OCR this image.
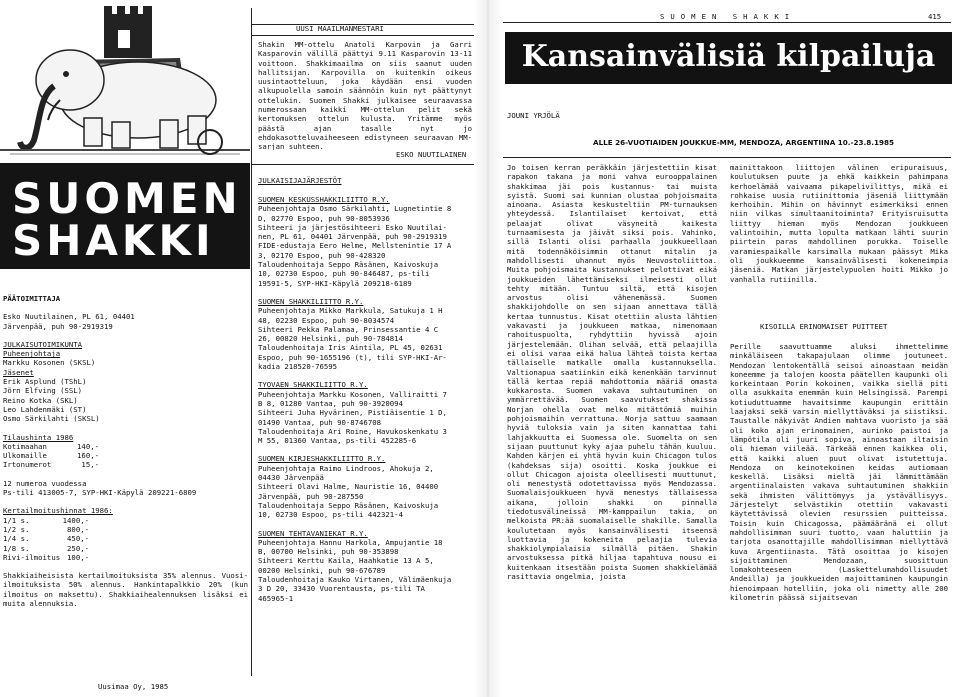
SUOMEN
SHAKKI

PÄÄTOIMITTAJA

Esko Nuutilainen, PL 61, 04401 Järvenpää, puh 90-2919319

JULKAISUTOIMIKUNTA

Puheenjohtaja

Markku Kosonen (SKSL)

Jäsenet

Erik Asplund (TShL)

Jörn Elfving (SSL)

Reino Kotka (SKL)

Leo Lahdenmäki (ST)

Osmo Särkilahti (SKSL)

Tilaushinta 1986

Kotimaahan	140,-
Ulkomaille	160,-
Irtonumerot	15,-

12 numeroa vuodessa

Ps-tili 413005-7, SYP-HKI-Käpylä 209221-6809

Kertailmoitushinnat 1986:

1/1 s.	1400,-
1/2 s.	800,-
1/4 s.	450,-
1/8 s.	250,-
Rivi-ilmoitus 100,-

Shakkiaiheisista kertailmoituksista 35% alennus. Vuosi-ilmoituksista 50% alennus. Hankintapalkkio 20% (kun ilmoitus on maksettu). Shakkiaihealennuksen lisäksi ei muita alennuksia.

Uusimaa Oy, 1985
UUSI MAAILMANMESTARI
Shakin MM-ottelu Anatoli Karpovin ja Garri Kasparovin välillä päättyi 9.11 Kasparovin 13-11 voittoon. Shakkimaailma on siis saanut uuden hallitsijan. Karpovilla on kuitenkin oikeus uusintaotteluun, joka käydään ensi vuoden alkupuolella samoin säännöin kuin nyt päättynyt ottelukin. Suomen Shakki julkaisee seuraavassa numerossaan kaikki MM-ottelun pelit sekä kertomuksen ottelun kulusta. Yritämme myös päästä ajan tasalle nyt jo ehdokasotteluvaiheeseen edistyneen seuraavan MM-sarjan suhteen.
ESKO NUUTILAINEN
JULKAISIJAJÄRJESTÖT

SUOMEN KESKUSSHAKKILIITTO R.Y.

Puheenjohtaja Osmo Särkilahti, Lugnetintie 8

D, 02770 Espoo, puh 90-8053936

Sihteeri ja järjestösihteeri Esko Nuutilai-

nen, PL 61, 04401 Järvenpää, puh 90-2919319

FIDE-edustaja Eero Helme, Mellstenintie 17 A

3, 02170 Espoo, puh 90-428320

Taloudenhoitaja Seppo Räsänen, Kaivoskuja

10, 02730 Espoo, puh 90-846487, ps-tili

19591-5, SYP-HKI-Käpylä 209218-6189

SUOMEN SHAKKILIITTO R.Y.

Puheenjohtaja Mikko Markkula, Satukuja 1 H

48, 02230 Espoo, puh 90-8034574

Sihteeri Pekka Palamaa, Prinsessantie 4 C

26, 00820 Helsinki, puh 90-784814

Taloudenhoitaja Iris Aintila, PL 45, 02631

Espoo, puh 90-1655196 (t), tili SYP-HKI-Ar-

kadia 218520-76595

TYOVAEN SHAKKILIITTO R.Y.

Puheenjohtaja Markku Kosonen, Valliraitti 7

B 8, 01280 Vantaa, puh 90-3920094

Sihteeri Juha Hyvärinen, Pistiäisentie 1 D,

01490 Vantaa, puh 90-8746708

Taloudenhoitaja Ari Roine, Havukoskenkatu 3

M 55, 01360 Vantaa, ps-tili 452285-6

SUOMEN KIRJESHAKKILIITTO R.Y.

Puheenjohtaja Raimo Lindroos, Ahokuja 2,

04430 Järvenpää

Sihteeri Olavi Halme, Nauristie 16, 04400

Järvenpää, puh 90-287550

Taloudenhoitaja Seppo Räsänen, Kaivoskuja

10, 02730 Espoo, ps-tili 442321-4

SUOMEN TEHTAVANIEKAT R.Y.

Puheenjohtaja Hannu Harkola, Ampujantie 18

B, 00700 Helsinki, puh 90-353898

Sihteeri Kerttu Kaila, Haahkatie 13 A 5,

00200 Helsinki, puh 90-676789

Taloudenhoitaja Kauko Virtanen, Välimäenkuja

3 D 20, 33430 Vuorentausta, ps-tili TA

465965-1

SUOMEN SHAKKI	415
Kansainvälisiä kilpailuja
JOUNI YRJÖLÄ
ALLE 26-VUOTIAIDEN JOUKKUE-MM, MENDOZA, ARGENTIINA 10.-23.8.1985
Jo toisen kerran peräkkäin järjestettiin kisat rapakon takana ja moni vahva eurooppalainen shakkimaa jäi pois kustannus- tai muista syistä. Suomi sai kunnian olustaa pohjoismaita ainoana. Asiasta keskusteltiin PM-turnauksen yhteydessä. Islantilaiset kertoivat, että pelaajat olivat väsyneitä kaikesta turnaamisesta ja jäivät siksi pois. Vahinko, sillä Islanti olisi parhaalla joukkueellaan mitä todennäköisimmin ottanut mitalin ja mahdollisesti uhannut myös Neuvostoliittoa. Muita pohjoismaita kustannukset pelottivat eikä joukkueiden lähettämiseksi ilmeisesti ollut tehty mitään. Tuntuu siltä, että kisojen arvostus olisi vähenemässä. Suomen shakkijohdolle on sen sijaan annettava tällä kertaa tunnustus. Kisat otettiin alusta lähtien vakavasti ja joukkueen matkaa, nimenomaan rahoituspuolta, ryhdyttiin hyvissä ajoin järjestelemään. Olihan selvää, että pelaajilla ei olisi varaa eikä halua lähteä toista kertaa tällaiselle matkalle omalla kustannuksella. Valtionapua saatiinkin eikä kenenkään tarvinnut tällä kertaa repiä mahdottomia määriä omasta kukkarosta. Suomen vakava suhtautuminen on ymmärrettävää. Suomen saavutukset shakissa Norjan ohella ovat melko mitättömiä muihin pohjoismaihin verrattuna. Norja sattuu saamaan hyviä tuloksia vain ja siten kannattaa tahi lahjakkuutta ei Suomessa ole. Suomelta on sen sijaan puuttunut kyky ajaa puhelu tähän kuuluu. Kahden kärjen ei yhtä hyvin kuin Chicagon tulos (kahdeksas sija) osoitti. Koska joukkue ei ollut Chicagon ajoista oleellisesti muuttunut, oli menestystä odotettavissa myös Mendozassa. Suomalaisjoukkueen hyvä menestys tällaisessa aikana, jolloin shakki on pinnalla tiedotusvälineissä MM-kamppailun takia, on melkoista PR:ää suomalaiselle shakille. Samalla koulutetaan myös kansainvälisesti itseensä luottavia ja kokeneita pelaajia tulevia shakkiolympialaisia silmällä pitäen. Shakin arvostuksessa pitkä hiljaa tapahtuva nousu ei kuitenkaan itsestään poista Suomen shakkielämää rasittavia ongelmia, joista
mainittakoon liittojen välinen eripuraisuus, koulutuksen puute ja ehkä kaikkein pahimpana kerhoelämää vaivaama pikapelivilittys, mikä ei rohkaise uusia rutiinittomia jäseniä liittymään kerhoihin. Mihin on hävinnyt esimerkiksi ennen niin vilkas simultaanitoiminta? Erityisruisutta liittyy hieman myös Mendozan joukkueen valintoihin, mutta lopulta matkaan lähti suurin piirtein paras mahdollinen porukka. Toiselle varamiespaikalle karsimalla mukaan päässyt Mika oli joukkueemme kansainvälisesti kokeneimpia jäseniä. Matkan järjestelypuolen hoiti Mikko jo vanhalla rutiinilla.
KISOILLA ERINOMAISET PUITTEET
Perille saavuttuamme aluksi ihmettelimme minkäläiseen takapajulaan olimme joutuneet. Mendozan lentokentällä seisoi ainoastaan meidän koneemme ja talojen koosta päätellen kaupunki oli korkeintaan Porin kokoinen, vaikka siellä piti olla asukkaita enemmän kuin Helsingissä. Parempi kotiuduttuamme havaitsimme kaupungin erittäin laajaksi sekä varsin miellyttäväksi ja siistiksi. Taustalle näkyivät Andien mahtava vuoristo ja sää oli koko ajan erinomainen, aurinko paistoi ja lämpötila oli juuri sopiva, ainoastaan iltaisin oli hieman viileää. Tärkeää ennen kaikkea oli, että kaikki aluen puut olivat istutettuja. Mendoza on keinotekoinen keidas autiomaan keskellä. Lisäksi mieltä jäi lämmittämään argentiinalaisten vakava suhtautuminen shakkiin sekä ihmisten välittömyys ja ystävällisyys. Järjestelyt selvästikin otettiin vakavasti käytettävissä olevien resurssien puitteissa. Toisin kuin Chicagossa, päämääränä ei ollut mahdollisimman suuri tuotto, vaan haluttiin ja tarjota osanottajille mahdollisimman miellyttävä kuva Argentiinasta. Tätä osoittaa jo kisojen sijoittaminen Mendozaan, suosittuun lomakohteeseen (Laskettelumahdollisuudet Andeilla) ja joukkueiden majoittaminen kaupungin hienoimpaan hotelliin, joka oli nimetty alle 200 kilometrin päässä sijaitsevan
